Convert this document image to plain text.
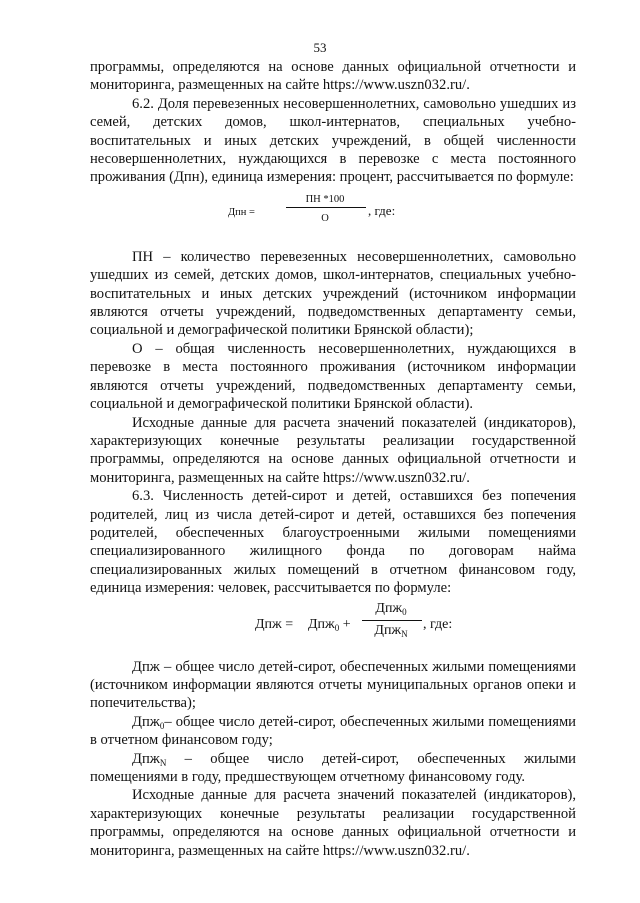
53

программы, определяются на основе данных официальной отчетности и мониторинга, размещенных на сайте https://www.uszn032.ru/.

6.2. Доля перевезенных несовершеннолетних, самовольно ушедших из семей, детских домов, школ-интернатов, специальных учебно-воспитательных и иных детских учреждений, в общей численности несовершеннолетних, нуждающихся в перевозке с места постоянного проживания (Дпн), единица измерения: процент, рассчитывается по формуле:

Дпн =
ПН *100
О
, где:

ПН – количество перевезенных несовершеннолетних, самовольно ушедших из семей, детских домов, школ-интернатов, специальных учебно-воспитательных и иных детских учреждений (источником информации являются отчеты учреждений, подведомственных департаменту семьи, социальной и демографической политики Брянской области);

О – общая численность несовершеннолетних, нуждающихся в перевозке в места постоянного проживания (источником информации являются отчеты учреждений, подведомственных департаменту семьи, социальной и демографической политики Брянской области).

Исходные данные для расчета значений показателей (индикаторов), характеризующих конечные результаты реализации государственной программы, определяются на основе данных официальной отчетности и мониторинга, размещенных на сайте https://www.uszn032.ru/.

6.3. Численность детей-сирот и детей, оставшихся без попечения родителей, лиц из числа детей-сирот и детей, оставшихся без попечения родителей, обеспеченных благоустроенными жилыми помещениями специализированного жилищного фонда по договорам найма специализированных жилых помещений в отчетном финансовом году, единица измерения: человек, рассчитывается по формуле:

Дпж = Дпж$_0$ +
Дпж$_0$
Дпж$_N$
, где:

Дпж – общее число детей-сирот, обеспеченных жилыми помещениями (источником информации являются отчеты муниципальных органов опеки и попечительства);

Дпж$_0$– общее число детей-сирот, обеспеченных жилыми помещениями в отчетном финансовом году;

Дпж$_N$ – общее число детей-сирот, обеспеченных жилыми помещениями в году, предшествующем отчетному финансовому году.

Исходные данные для расчета значений показателей (индикаторов), характеризующих конечные результаты реализации государственной программы, определяются на основе данных официальной отчетности и мониторинга, размещенных на сайте https://www.uszn032.ru/.
